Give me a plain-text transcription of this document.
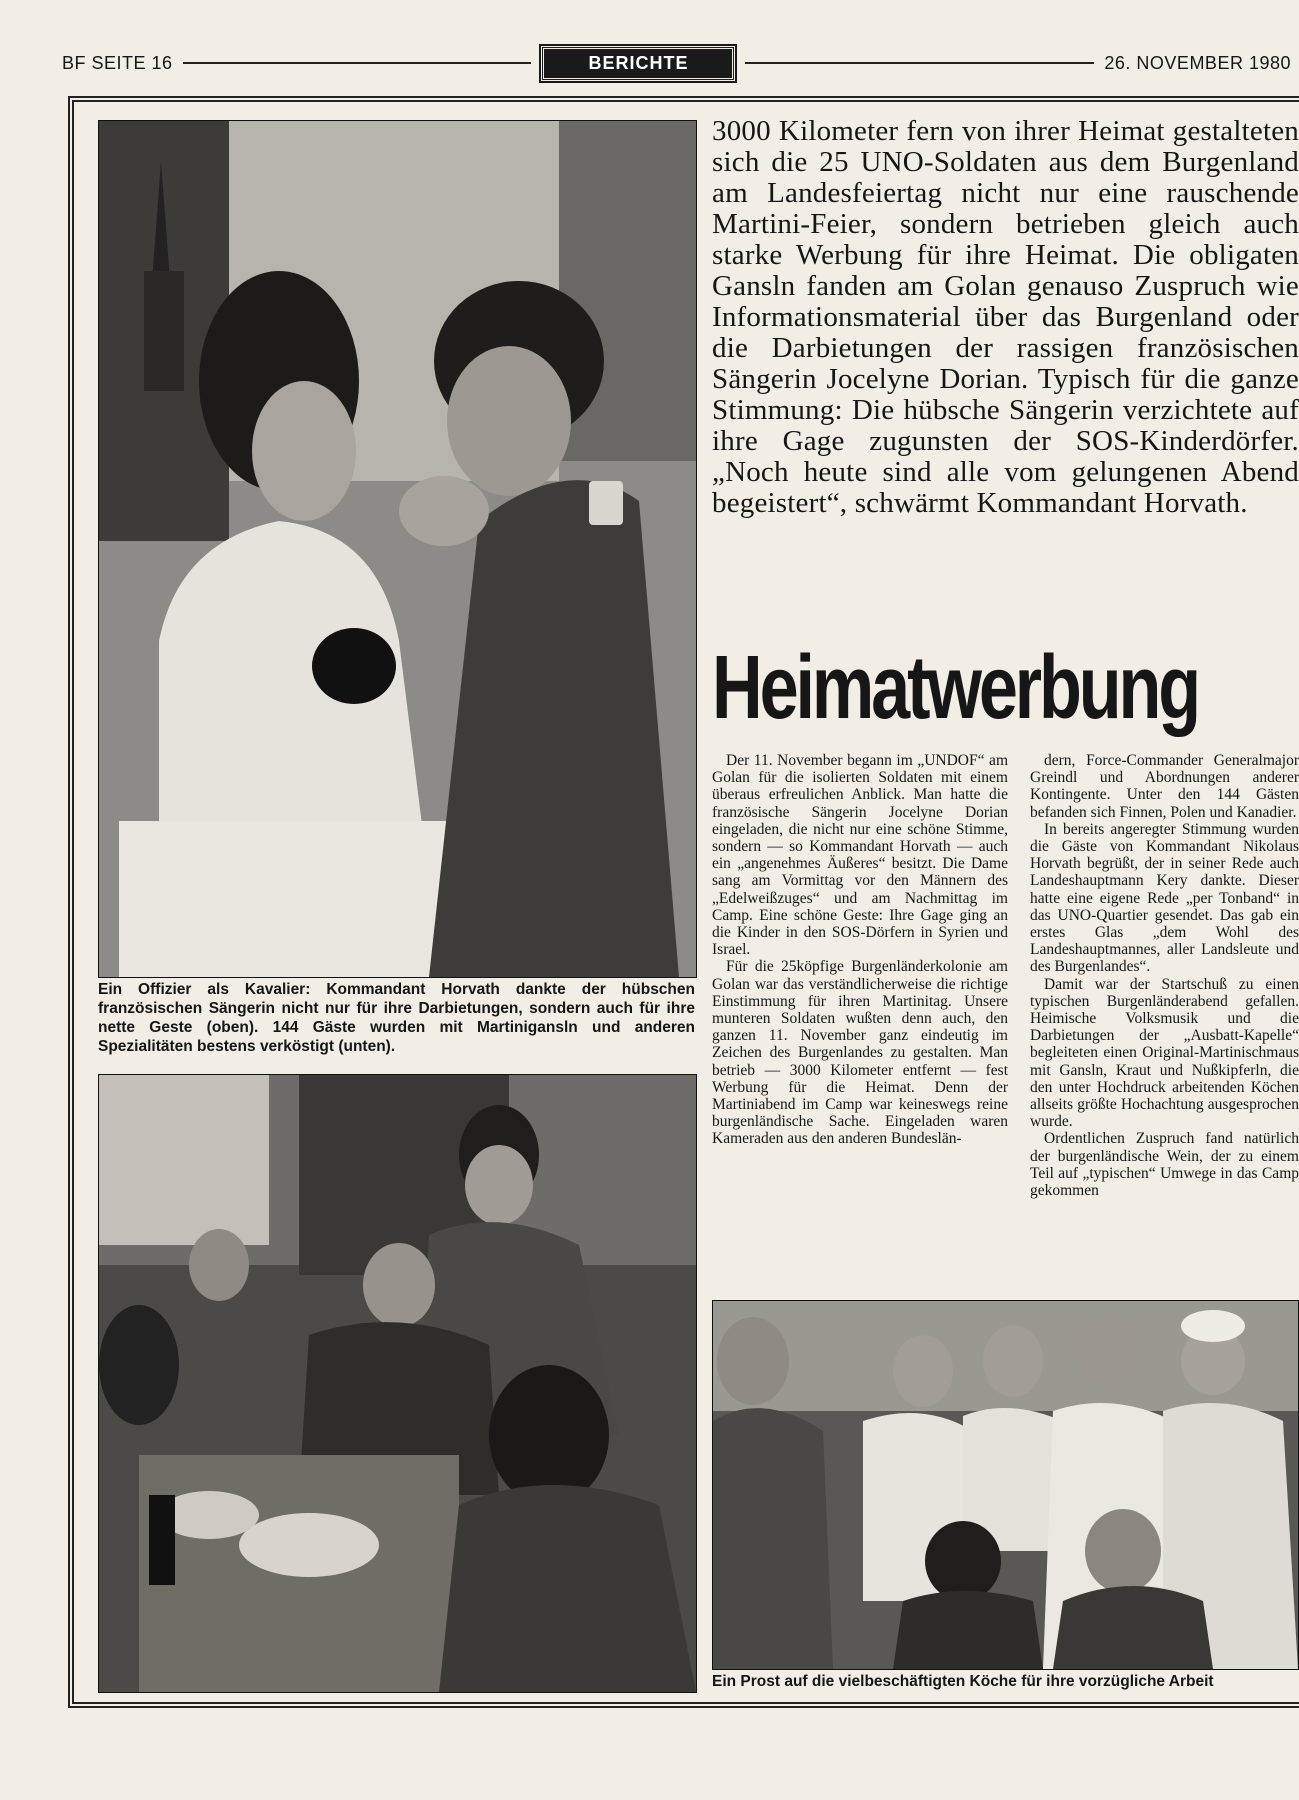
BF SEITE 16	BERICHTE	26. NOVEMBER 1980

Ein Offizier als Kavalier: Kommandant Horvath dankte der hübschen französischen Sängerin nicht nur für ihre Darbietungen, sondern auch für ihre nette Geste (oben). 144 Gäste wurden mit Martinigansln und anderen Spezialitäten bestens verköstigt (unten).

3000 Kilometer fern von ihrer Heimat gestalteten sich die 25 UNO-Soldaten aus dem Burgenland am Landesfeiertag nicht nur eine rauschende Martini-Feier, sondern betrieben gleich auch starke Werbung für ihre Heimat. Die obligaten Gansln fanden am Golan genauso Zuspruch wie Informationsmaterial über das Burgenland oder die Darbietungen der rassigen französischen Sängerin Jocelyne Dorian. Typisch für die ganze Stimmung: Die hübsche Sängerin verzichtete auf ihre Gage zugunsten der SOS-Kinderdörfer. „Noch heute sind alle vom gelungenen Abend begeistert“, schwärmt Kommandant Horvath.

Heimatwerbung

Der 11. November begann im „UNDOF“ am Golan für die isolierten Soldaten mit einem überaus erfreulichen Anblick. Man hatte die französische Sängerin Jocelyne Dorian eingeladen, die nicht nur eine schöne Stimme, sondern — so Kommandant Horvath — auch ein „angenehmes Äußeres“ besitzt. Die Dame sang am Vormittag vor den Männern des „Edelweißzuges“ und am Nachmittag im Camp. Eine schöne Geste: Ihre Gage ging an die Kinder in den SOS-Dörfern in Syrien und Israel.

Für die 25köpfige Burgenländerkolonie am Golan war das verständlicherweise die richtige Einstimmung für ihren Martinitag. Unsere munteren Soldaten wußten denn auch, den ganzen 11. November ganz eindeutig im Zeichen des Burgenlandes zu gestalten. Man betrieb — 3000 Kilometer entfernt — fest Werbung für die Heimat. Denn der Martiniabend im Camp war keineswegs reine burgenländische Sache. Eingeladen waren Kameraden aus den anderen Bundeslän-

dern, Force-Commander Generalmajor Greindl und Abordnungen anderer Kontingente. Unter den 144 Gästen befanden sich Finnen, Polen und Kanadier.

In bereits angeregter Stimmung wurden die Gäste von Kommandant Nikolaus Horvath begrüßt, der in seiner Rede auch Landeshauptmann Kery dankte. Dieser hatte eine eigene Rede „per Tonband“ in das UNO-Quartier gesendet. Das gab ein erstes Glas „dem Wohl des Landeshauptmannes, aller Landsleute und des Burgenlandes“.

Damit war der Startschuß zu einen typischen Burgenländerabend gefallen. Heimische Volksmusik und die Darbietungen der „Ausbatt-Kapelle“ begleiteten einen Original-Martinischmaus mit Gansln, Kraut und Nußkipferln, die den unter Hochdruck arbeitenden Köchen allseits größte Hochachtung ausgesprochen wurde.

Ordentlichen Zuspruch fand natürlich der burgenländische Wein, der zu einem Teil auf „typischen“ Umwege in das Camp gekommen

Ein Prost auf die vielbeschäftigten Köche für ihre vorzügliche Arbeit
